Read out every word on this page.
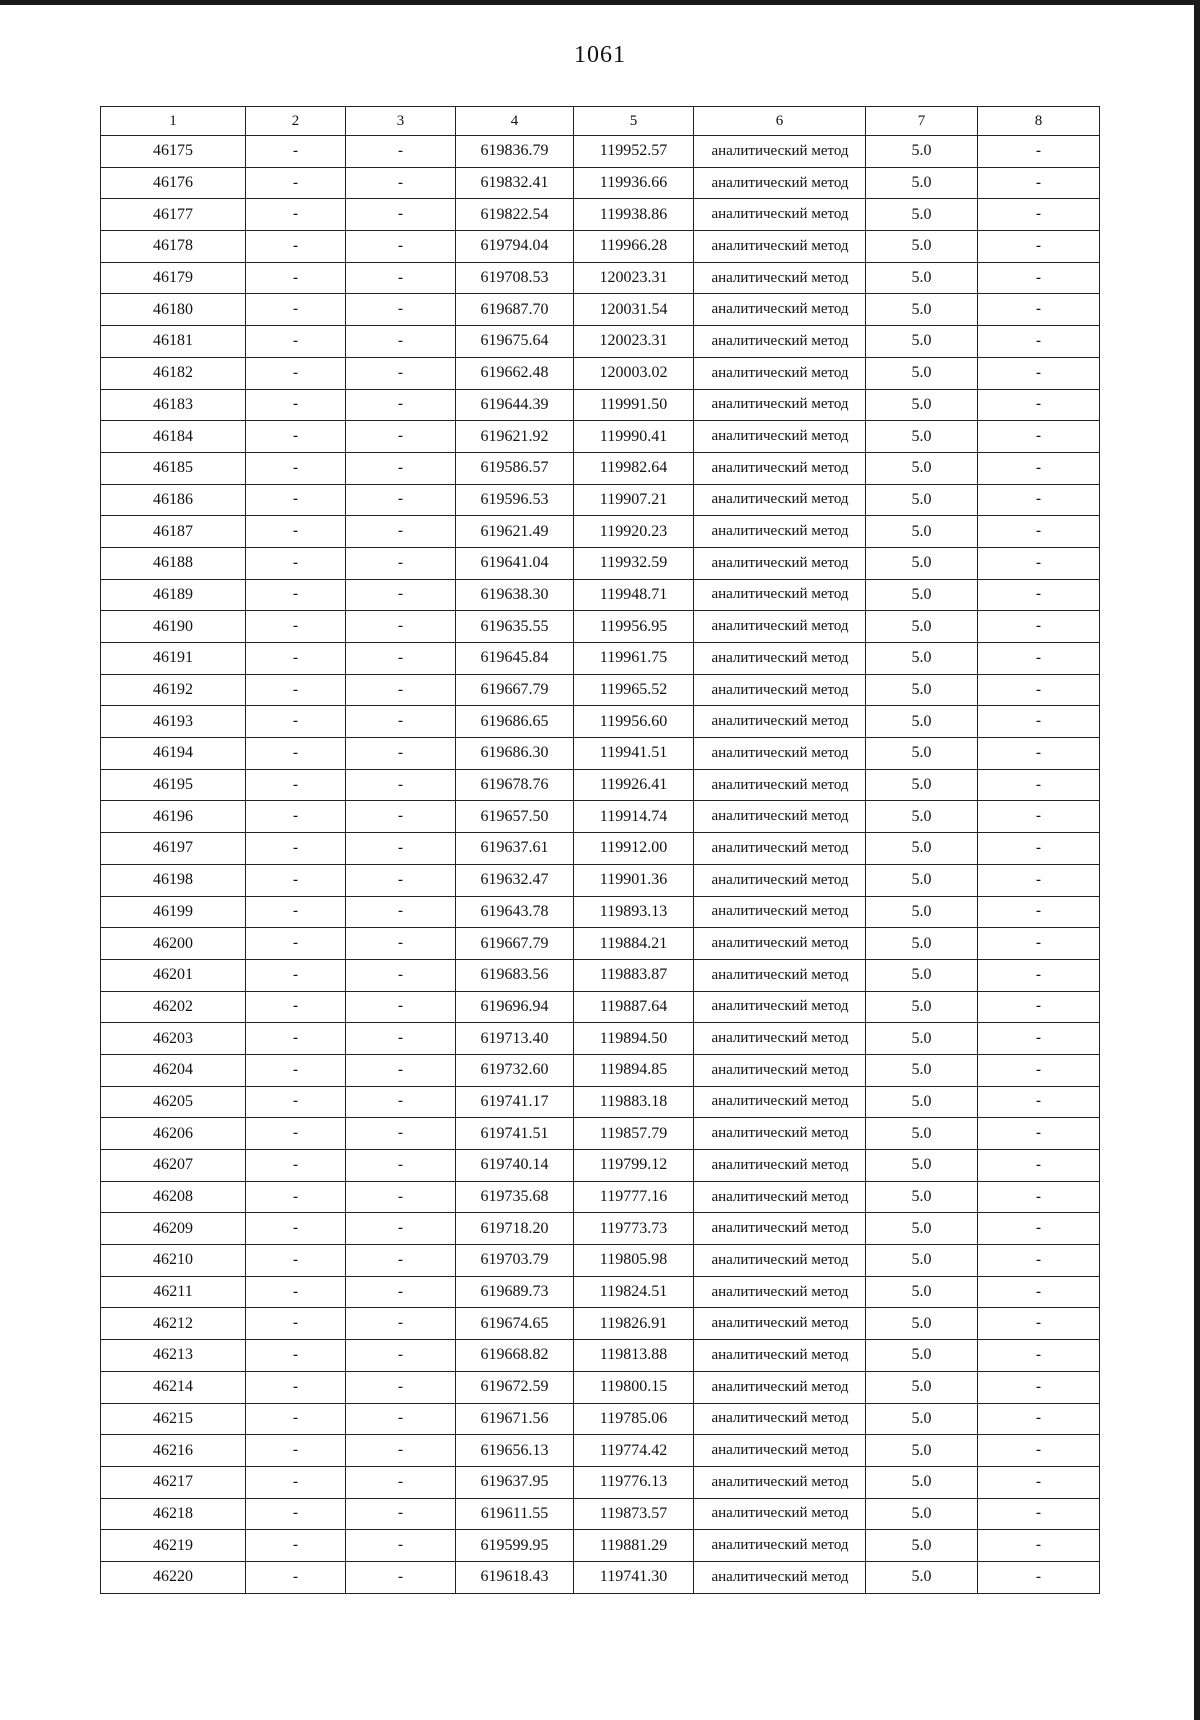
1061
1	2	3	4	5	6	7	8
46175	-	-	619836.79	119952.57	аналитический метод	5.0	-
46176	-	-	619832.41	119936.66	аналитический метод	5.0	-
46177	-	-	619822.54	119938.86	аналитический метод	5.0	-
46178	-	-	619794.04	119966.28	аналитический метод	5.0	-
46179	-	-	619708.53	120023.31	аналитический метод	5.0	-
46180	-	-	619687.70	120031.54	аналитический метод	5.0	-
46181	-	-	619675.64	120023.31	аналитический метод	5.0	-
46182	-	-	619662.48	120003.02	аналитический метод	5.0	-
46183	-	-	619644.39	119991.50	аналитический метод	5.0	-
46184	-	-	619621.92	119990.41	аналитический метод	5.0	-
46185	-	-	619586.57	119982.64	аналитический метод	5.0	-
46186	-	-	619596.53	119907.21	аналитический метод	5.0	-
46187	-	-	619621.49	119920.23	аналитический метод	5.0	-
46188	-	-	619641.04	119932.59	аналитический метод	5.0	-
46189	-	-	619638.30	119948.71	аналитический метод	5.0	-
46190	-	-	619635.55	119956.95	аналитический метод	5.0	-
46191	-	-	619645.84	119961.75	аналитический метод	5.0	-
46192	-	-	619667.79	119965.52	аналитический метод	5.0	-
46193	-	-	619686.65	119956.60	аналитический метод	5.0	-
46194	-	-	619686.30	119941.51	аналитический метод	5.0	-
46195	-	-	619678.76	119926.41	аналитический метод	5.0	-
46196	-	-	619657.50	119914.74	аналитический метод	5.0	-
46197	-	-	619637.61	119912.00	аналитический метод	5.0	-
46198	-	-	619632.47	119901.36	аналитический метод	5.0	-
46199	-	-	619643.78	119893.13	аналитический метод	5.0	-
46200	-	-	619667.79	119884.21	аналитический метод	5.0	-
46201	-	-	619683.56	119883.87	аналитический метод	5.0	-
46202	-	-	619696.94	119887.64	аналитический метод	5.0	-
46203	-	-	619713.40	119894.50	аналитический метод	5.0	-
46204	-	-	619732.60	119894.85	аналитический метод	5.0	-
46205	-	-	619741.17	119883.18	аналитический метод	5.0	-
46206	-	-	619741.51	119857.79	аналитический метод	5.0	-
46207	-	-	619740.14	119799.12	аналитический метод	5.0	-
46208	-	-	619735.68	119777.16	аналитический метод	5.0	-
46209	-	-	619718.20	119773.73	аналитический метод	5.0	-
46210	-	-	619703.79	119805.98	аналитический метод	5.0	-
46211	-	-	619689.73	119824.51	аналитический метод	5.0	-
46212	-	-	619674.65	119826.91	аналитический метод	5.0	-
46213	-	-	619668.82	119813.88	аналитический метод	5.0	-
46214	-	-	619672.59	119800.15	аналитический метод	5.0	-
46215	-	-	619671.56	119785.06	аналитический метод	5.0	-
46216	-	-	619656.13	119774.42	аналитический метод	5.0	-
46217	-	-	619637.95	119776.13	аналитический метод	5.0	-
46218	-	-	619611.55	119873.57	аналитический метод	5.0	-
46219	-	-	619599.95	119881.29	аналитический метод	5.0	-
46220	-	-	619618.43	119741.30	аналитический метод	5.0	-
